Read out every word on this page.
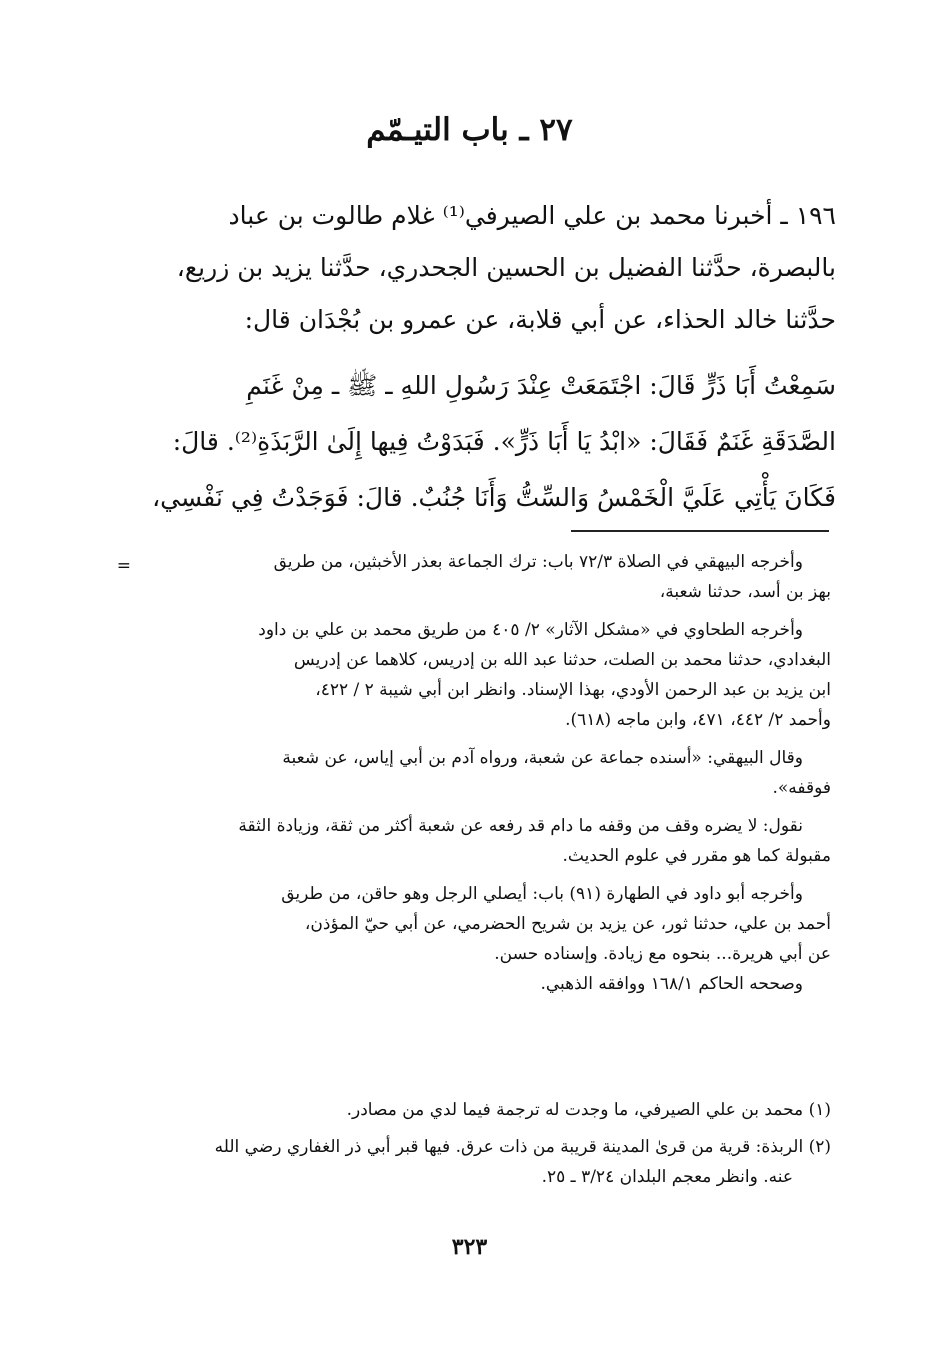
٢٧ ـ باب التيـمّم
١٩٦ ـ أخبرنا محمد بن علي الصيرفي⁽¹⁾ غلام طالوت بن عباد
بالبصرة، حدَّثنا الفضيل بن الحسين الجحدري، حدَّثنا يزيد بن زريع،
حدَّثنا خالد الحذاء، عن أبي قلابة، عن عمرو بن بُجْدَان قال:
سَمِعْتُ أَبَا ذَرٍّ قَالَ: اجْتَمَعَتْ عِنْدَ رَسُولِ اللهِ ـ ﷺ ـ مِنْ غَنَمِ
الصَّدَقَةِ غَنَمٌ فَقَالَ: «ابْدُ يَا أَبَا ذَرٍّ». فَبَدَوْتُ فِيها إِلَىٰ الرَّبَذَةِ⁽²⁾. قالَ:
فَكَانَ يَأْتِي عَلَيَّ الْخَمْسُ وَالسِّتُّ وَأَنَا جُنُبٌ. قالَ: فَوَجَدْتُ فِي نَفْسِي،
=	وأخرجه البيهقي في الصلاة ٧٢/٣ باب: ترك الجماعة بعذر الأخبثين، من طريق
بهز بن أسد، حدثنا شعبة،
وأخرجه الطحاوي في «مشكل الآثار» ٢/ ٤٠٥ من طريق محمد بن علي بن داود
البغدادي، حدثنا محمد بن الصلت، حدثنا عبد الله بن إدريس، كلاهما عن إدريس
ابن يزيد بن عبد الرحمن الأودي، بهذا الإسناد. وانظر ابن أبي شيبة ٢ / ٤٢٢،
وأحمد ٢/ ٤٤٢، ٤٧١، وابن ماجه (٦١٨).
وقال البيهقي: «أسنده جماعة عن شعبة، ورواه آدم بن أبي إياس، عن شعبة
فوقفه».
نقول: لا يضره وقف من وقفه ما دام قد رفعه عن شعبة أكثر من ثقة، وزيادة الثقة
مقبولة كما هو مقرر في علوم الحديث.
وأخرجه أبو داود في الطهارة (٩١) باب: أيصلي الرجل وهو حاقن، من طريق
أحمد بن علي، حدثنا ثور، عن يزيد بن شريح الحضرمي، عن أبي حيّ المؤذن،
عن أبي هريرة... بنحوه مع زيادة. وإسناده حسن.
وصححه الحاكم ١٦٨/١ ووافقه الذهبي.
(١) محمد بن علي الصيرفي، ما وجدت له ترجمة فيما لدي من مصادر.
(٢) الربذة: قرية من قرىٰ المدينة قريبة من ذات عرق. فيها قبر أبي ذر الغفاري رضي الله
عنه. وانظر معجم البلدان ٣/٢٤ ـ ٢٥.
٣٢٣
